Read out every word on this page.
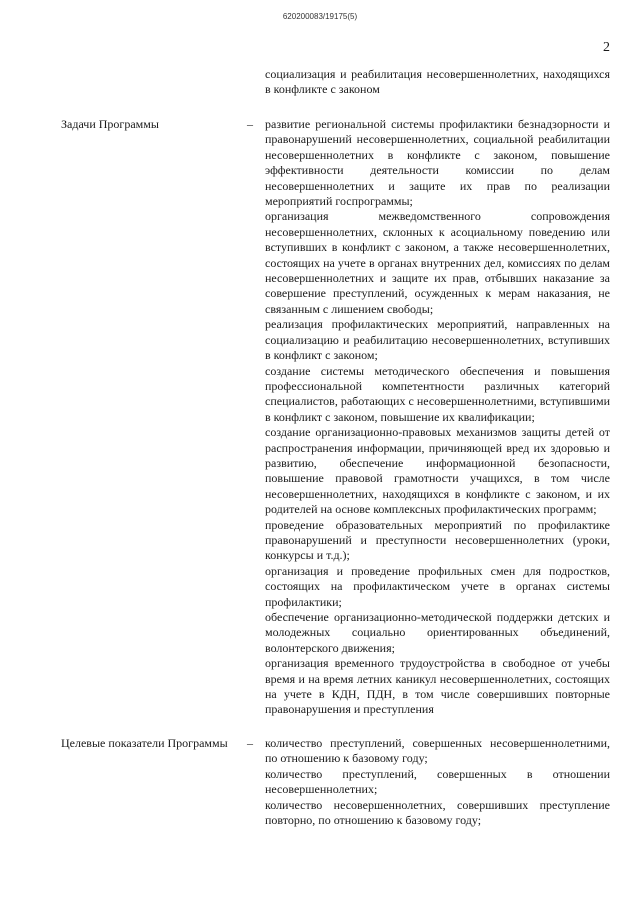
620200083/19175(5)
2
социализация и реабилитация несовершеннолетних, находящихся в конфликте с законом
Задачи Программы	– развитие региональной системы профилактики безнадзорности и правонарушений несовершеннолетних, социальной реабилитации несовершеннолетних в конфликте с законом, повышение эффективности деятельности комиссии по делам несовершеннолетних и защите их прав по реализации мероприятий госпрограммы;

организация межведомственного сопровождения несовершеннолетних, склонных к асоциальному поведению или вступивших в конфликт с законом, а также несовершеннолетних, состоящих на учете в органах внутренних дел, комиссиях по делам несовершеннолетних и защите их прав, отбывших наказание за совершение преступлений, осужденных к мерам наказания, не связанным с лишением свободы;

реализация профилактических мероприятий, направленных на социализацию и реабилитацию несовершеннолетних, вступивших в конфликт с законом;

создание системы методического обеспечения и повышения профессиональной компетентности различных категорий специалистов, работающих с несовершеннолетними, вступившими в конфликт с законом, повышение их квалификации;

создание организационно-правовых механизмов защиты детей от распространения информации, причиняющей вред их здоровью и развитию, обеспечение информационной безопасности, повышение правовой грамотности учащихся, в том числе несовершеннолетних, находящихся в конфликте с законом, и их родителей на основе комплексных профилактических программ;

проведение образовательных мероприятий по профилактике правонарушений и преступности несовершеннолетних (уроки, конкурсы и т.д.);

организация и проведение профильных смен для подростков, состоящих на профилактическом учете в органах системы профилактики;

обеспечение организационно-методической поддержки детских и молодежных социально ориентированных объединений, волонтерского движения;

организация временного трудоустройства в свободное от учебы время и на время летних каникул несовершеннолетних, состоящих на учете в КДН, ПДН, в том числе совершивших повторные правонарушения и преступления

Целевые показатели Программы	– количество преступлений, совершенных несовершеннолетними, по отношению к базовому году;

количество преступлений, совершенных в отношении несовершеннолетних;

количество несовершеннолетних, совершивших преступление повторно, по отношению к базовому году;
